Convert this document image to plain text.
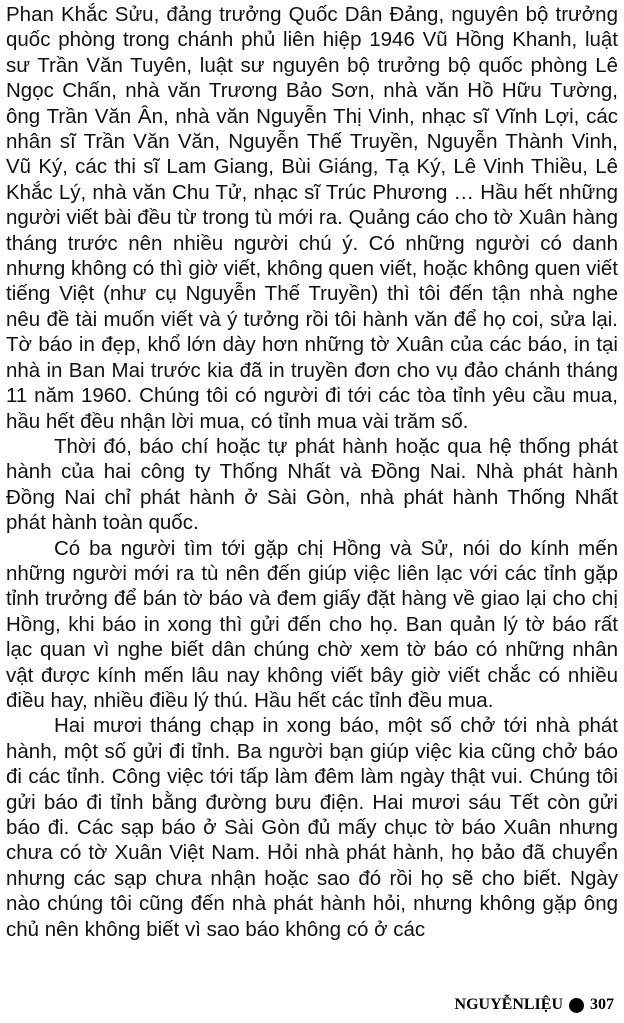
Phan Khắc Sửu, đảng trưởng Quốc Dân Đảng, nguyên bộ trưởng quốc phòng trong chánh phủ liên hiệp 1946 Vũ Hồng Khanh, luật sư Trần Văn Tuyên, luật sư nguyên bộ trưởng bộ quốc phòng Lê Ngọc Chấn, nhà văn Trương Bảo Sơn, nhà văn Hồ Hữu Tường, ông Trần Văn Ân, nhà văn Nguyễn Thị Vinh, nhạc sĩ Vĩnh Lợi, các nhân sĩ Trần Văn Văn, Nguyễn Thế Truyền, Nguyễn Thành Vinh, Vũ Ký, các thi sĩ Lam Giang, Bùi Giáng, Tạ Ký, Lê Vinh Thiều, Lê Khắc Lý, nhà văn Chu Tử, nhạc sĩ Trúc Phương … Hầu hết những người viết bài đều từ trong tù mới ra. Quảng cáo cho tờ Xuân hàng tháng trước nên nhiều người chú ý. Có những người có danh nhưng không có thì giờ viết, không quen viết, hoặc không quen viết tiếng Việt (như cụ Nguyễn Thế Truyền) thì tôi đến tận nhà nghe nêu đề tài muốn viết và ý tưởng rồi tôi hành văn để họ coi, sửa lại. Tờ báo in đẹp, khổ lớn dày hơn những tờ Xuân của các báo, in tại nhà in Ban Mai trước kia đã in truyền đơn cho vụ đảo chánh tháng 11 năm 1960. Chúng tôi có người đi tới các tòa tỉnh yêu cầu mua, hầu hết đều nhận lời mua, có tỉnh mua vài trăm số.

Thời đó, báo chí hoặc tự phát hành hoặc qua hệ thống phát hành của hai công ty Thống Nhất và Đồng Nai. Nhà phát hành Đồng Nai chỉ phát hành ở Sài Gòn, nhà phát hành Thống Nhất phát hành toàn quốc.

Có ba người tìm tới gặp chị Hồng và Sử, nói do kính mến những người mới ra tù nên đến giúp việc liên lạc với các tỉnh gặp tỉnh trưởng để bán tờ báo và đem giấy đặt hàng về giao lại cho chị Hồng, khi báo in xong thì gửi đến cho họ. Ban quản lý tờ báo rất lạc quan vì nghe biết dân chúng chờ xem tờ báo có những nhân vật được kính mến lâu nay không viết bây giờ viết chắc có nhiều điều hay, nhiều điều lý thú. Hầu hết các tỉnh đều mua.

Hai mươi tháng chạp in xong báo, một số chở tới nhà phát hành, một số gửi đi tỉnh. Ba người bạn giúp việc kia cũng chở báo đi các tỉnh. Công việc tới tấp làm đêm làm ngày thật vui. Chúng tôi gửi báo đi tỉnh bằng đường bưu điện. Hai mươi sáu Tết còn gửi báo đi. Các sạp báo ở Sài Gòn đủ mấy chục tờ báo Xuân nhưng chưa có tờ Xuân Việt Nam. Hỏi nhà phát hành, họ bảo đã chuyển nhưng các sạp chưa nhận hoặc sao đó rồi họ sẽ cho biết. Ngày nào chúng tôi cũng đến nhà phát hành hỏi, nhưng không gặp ông chủ nên không biết vì sao báo không có ở các

NGUYỄNLIỆU 307
